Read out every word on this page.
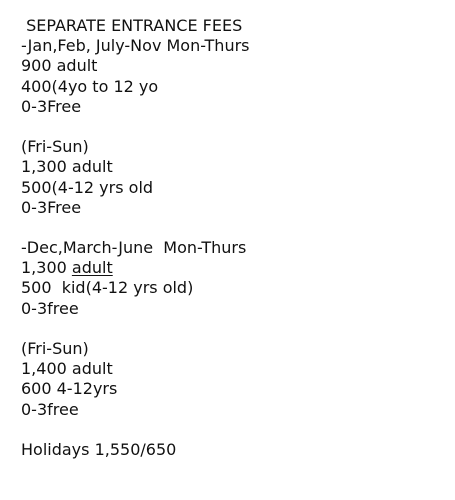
SEPARATE ENTRANCE FEES
-Jan,Feb, July-Nov Mon-Thurs
900 adult
400(4yo to 12 yo
0-3Free
(Fri-Sun)
1,300 adult
500(4-12 yrs old
0-3Free
-Dec,March-June  Mon-Thurs
1,300 adult
500  kid(4-12 yrs old)
0-3free
(Fri-Sun)
1,400 adult
600 4-12yrs
0-3free
Holidays 1,550/650
